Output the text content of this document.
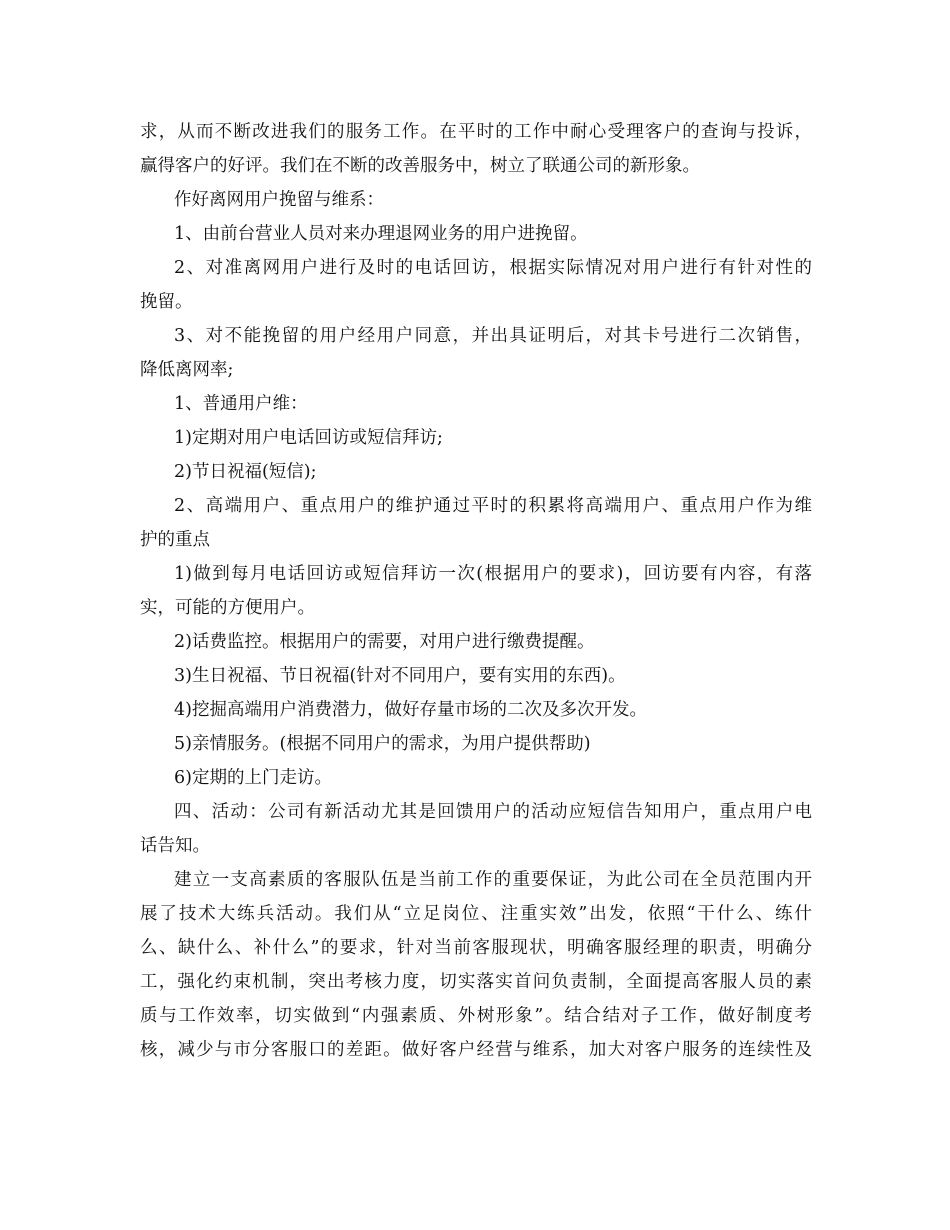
求，从而不断改进我们的服务工作。在平时的工作中耐心受理客户的查询与投诉，
赢得客户的好评。我们在不断的改善服务中，树立了联通公司的新形象。
作好离网用户挽留与维系：
1、由前台营业人员对来办理退网业务的用户进挽留。
2、对准离网用户进行及时的电话回访，根据实际情况对用户进行有针对性的
挽留。
3、对不能挽留的用户经用户同意，并出具证明后，对其卡号进行二次销售，
降低离网率;
1、普通用户维：
1)定期对用户电话回访或短信拜访;
2)节日祝福(短信);
2、高端用户、重点用户的维护通过平时的积累将高端用户、重点用户作为维
护的重点
1)做到每月电话回访或短信拜访一次(根据用户的要求)，回访要有内容，有落
实，可能的方便用户。
2)话费监控。根据用户的需要，对用户进行缴费提醒。
3)生日祝福、节日祝福(针对不同用户，要有实用的东西)。
4)挖掘高端用户消费潜力，做好存量市场的二次及多次开发。
5)亲情服务。(根据不同用户的需求，为用户提供帮助)
6)定期的上门走访。
四、活动：公司有新活动尤其是回馈用户的活动应短信告知用户，重点用户电
话告知。
建立一支高素质的客服队伍是当前工作的重要保证，为此公司在全员范围内开
展了技术大练兵活动。我们从“立足岗位、注重实效”出发，依照“干什么、练什
么、缺什么、补什么”的要求，针对当前客服现状，明确客服经理的职责，明确分
工，强化约束机制，突出考核力度，切实落实首问负责制，全面提高客服人员的素
质与工作效率，切实做到“内强素质、外树形象”。结合结对子工作，做好制度考
核，减少与市分客服口的差距。做好客户经营与维系，加大对客户服务的连续性及
